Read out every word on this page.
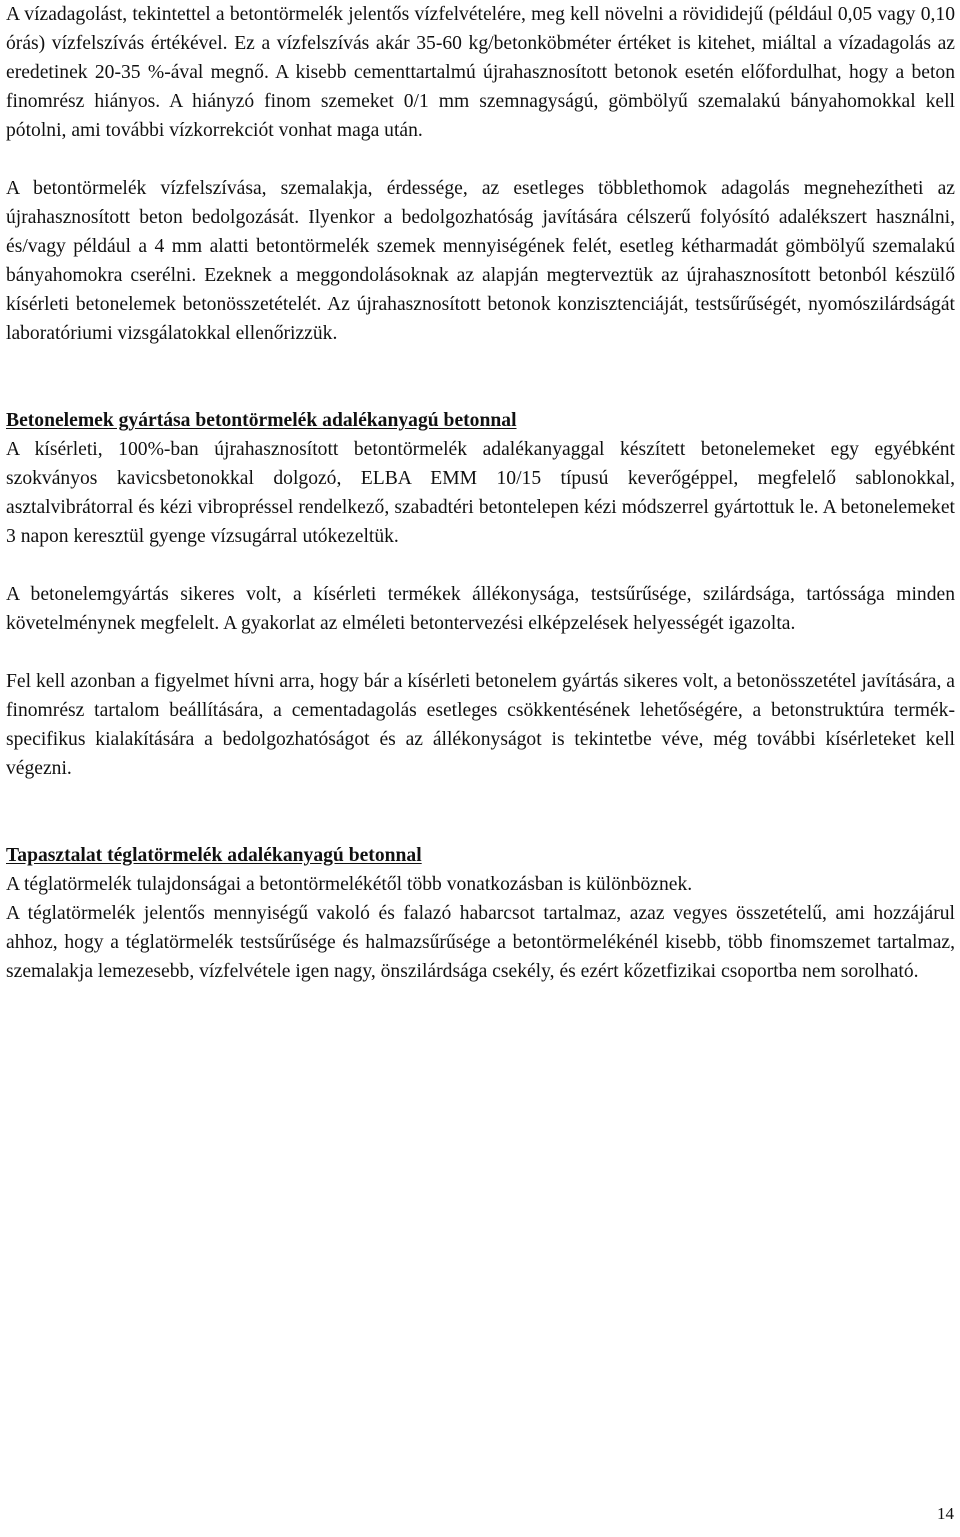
A vízadagolást, tekintettel a betontörmelék jelentős vízfelvételére, meg kell növelni a rövididejű (például 0,05 vagy 0,10 órás) vízfelszívás értékével. Ez a vízfelszívás akár 35-60 kg/betonköbméter értéket is kitehet, miáltal a vízadagolás az eredetinek 20-35 %-ával megnő. A kisebb cementtartalmú újrahasznosított betonok esetén előfordulhat, hogy a beton finomrész hiányos. A hiányzó finom szemeket 0/1 mm szemnagyságú, gömbölyű szemalakú bányahomokkal kell pótolni, ami további vízkorrekciót vonhat maga után.

A betontörmelék vízfelszívása, szemalakja, érdessége, az esetleges többlethomok adagolás megnehezítheti az újrahasznosított beton bedolgozását. Ilyenkor a bedolgozhatóság javítására célszerű folyósító adalékszert használni, és/vagy például a 4 mm alatti betontörmelék szemek mennyiségének felét, esetleg kétharmadát gömbölyű szemalakú bányahomokra cserélni. Ezeknek a meggondolásoknak az alapján megterveztük az újrahasznosított betonból készülő kísérleti betonelemek betonösszetételét. Az újrahasznosított betonok konzisztenciáját, testsűrűségét, nyomószilárdságát laboratóriumi vizsgálatokkal ellenőrizzük.

Betonelemek gyártása betontörmelék adalékanyagú betonnal

A kísérleti, 100%-ban újrahasznosított betontörmelék adalékanyaggal készített betonelemeket egy egyébként szokványos kavicsbetonokkal dolgozó, ELBA EMM 10/15 típusú keverőgéppel, megfelelő sablonokkal, asztalvibrátorral és kézi vibropréssel rendelkező, szabadtéri betontelepen kézi módszerrel gyártottuk le. A betonelemeket 3 napon keresztül gyenge vízsugárral utókezeltük.

A betonelemgyártás sikeres volt, a kísérleti termékek állékonysága, testsűrűsége, szilárdsága, tartóssága minden követelménynek megfelelt. A gyakorlat az elméleti betontervezési elképzelések helyességét igazolta.

Fel kell azonban a figyelmet hívni arra, hogy bár a kísérleti betonelem gyártás sikeres volt, a betonösszetétel javítására, a finomrész tartalom beállítására, a cementadagolás esetleges csökkentésének lehetőségére, a betonstruktúra termék-specifikus kialakítására a bedolgozhatóságot és az állékonyságot is tekintetbe véve, még további kísérleteket kell végezni.

Tapasztalat téglatörmelék adalékanyagú betonnal

A téglatörmelék tulajdonságai a betontörmelékétől több vonatkozásban is különböznek.

A téglatörmelék jelentős mennyiségű vakoló és falazó habarcsot tartalmaz, azaz vegyes összetételű, ami hozzájárul ahhoz, hogy a téglatörmelék testsűrűsége és halmazsűrűsége a betontörmelékénél kisebb, több finomszemet tartalmaz, szemalakja lemezesebb, vízfelvétele igen nagy, önszilárdsága csekély, és ezért kőzetfizikai csoportba nem sorolható.

14
